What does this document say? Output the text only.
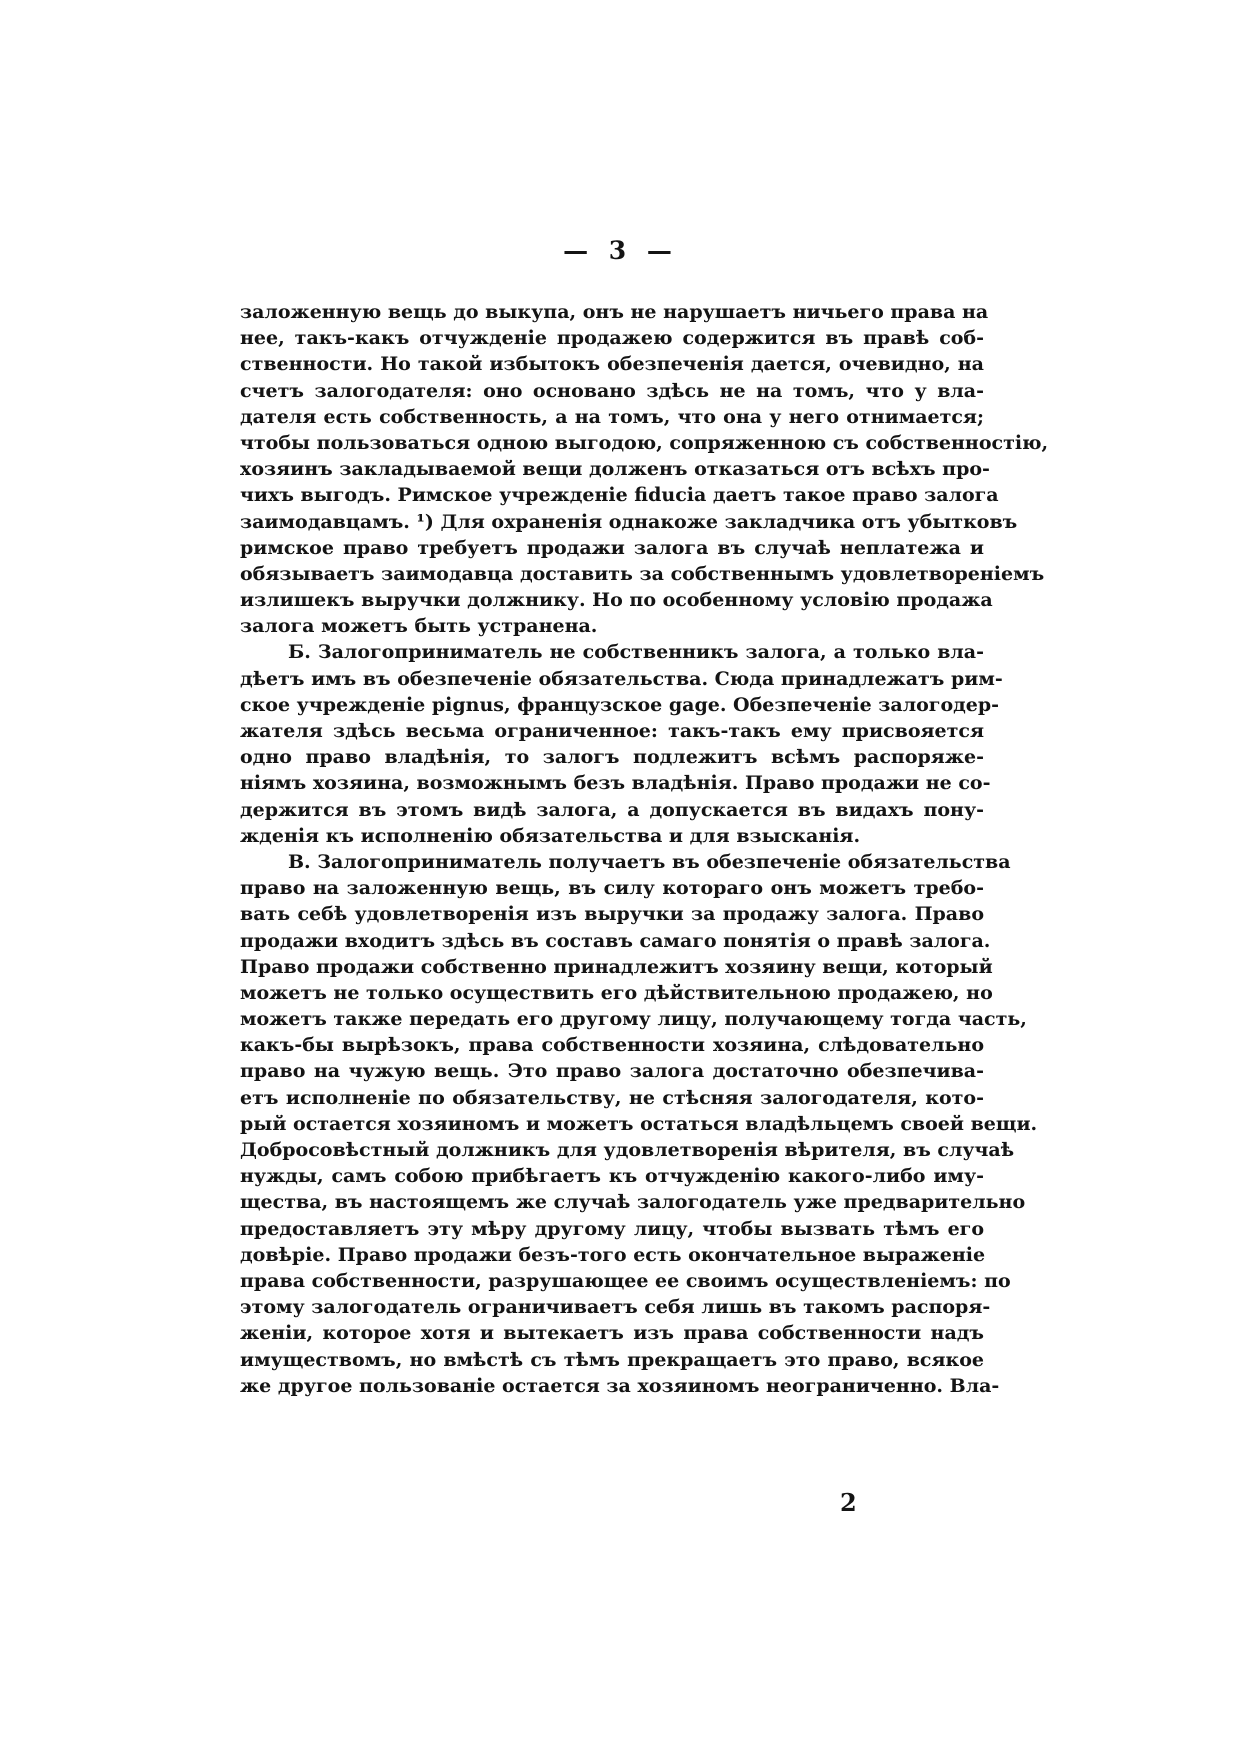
— 3 —
заложенную вещь до выкупа, онъ не нарушаетъ ничьего права на
нее, такъ-какъ отчужденіе продажею содержится въ правѣ соб-
ственности. Но такой избытокъ обезпеченія дается, очевидно, на
счетъ залогодателя: оно основано здѣсь не на томъ, что у вла-
дателя есть собственность, а на томъ, что она у него отнимается;
чтобы пользоваться одною выгодою, сопряженною съ собственностію,
хозяинъ закладываемой вещи долженъ отказаться отъ всѣхъ про-
чихъ выгодъ. Римское учрежденіе fiducia даетъ такое право залога
заимодавцамъ. ¹) Для охраненія однакоже закладчика отъ убытковъ
римское право требуетъ продажи залога въ случаѣ неплатежа и
обязываетъ заимодавца доставить за собственнымъ удовлетвореніемъ
излишекъ выручки должнику. Но по особенному условію продажа
залога можетъ быть устранена.
Б. Залогоприниматель не собственникъ залога, а только вла-
дѣетъ имъ въ обезпеченіе обязательства. Сюда принадлежатъ рим-
ское учрежденіе pignus, французское gage. Обезпеченіе залогодер-
жателя здѣсь весьма ограниченное: такъ-такъ ему присвояется
одно право владѣнія, то залогъ подлежитъ всѣмъ распоряже-
ніямъ хозяина, возможнымъ безъ владѣнія. Право продажи не со-
держится въ этомъ видѣ залога, а допускается въ видахъ пону-
жденія къ исполненію обязательства и для взысканія.
В. Залогоприниматель получаетъ въ обезпеченіе обязательства
право на заложенную вещь, въ силу котораго онъ можетъ требо-
вать себѣ удовлетворенія изъ выручки за продажу залога. Право
продажи входитъ здѣсь въ составъ самаго понятія о правѣ залога.
Право продажи собственно принадлежитъ хозяину вещи, который
можетъ не только осуществить его дѣйствительною продажею, но
можетъ также передать его другому лицу, получающему тогда часть,
какъ-бы вырѣзокъ, права собственности хозяина, слѣдовательно
право на чужую вещь. Это право залога достаточно обезпечива-
етъ исполненіе по обязательству, не стѣсняя залогодателя, кото-
рый остается хозяиномъ и можетъ остаться владѣльцемъ своей вещи.
Добросовѣстный должникъ для удовлетворенія вѣрителя, въ случаѣ
нужды, самъ собою прибѣгаетъ къ отчужденію какого-либо иму-
щества, въ настоящемъ же случаѣ залогодатель уже предварительно
предоставляетъ эту мѣру другому лицу, чтобы вызвать тѣмъ его
довѣріе. Право продажи безъ-того есть окончательное выраженіе
права собственности, разрушающее ее своимъ осуществленіемъ: по
этому залогодатель ограничиваетъ себя лишь въ такомъ распоря-
женіи, которое хотя и вытекаетъ изъ права собственности надъ
имуществомъ, но вмѣстѣ съ тѣмъ прекращаетъ это право, всякое
же другое пользованіе остается за хозяиномъ неограниченно. Вла-
2
